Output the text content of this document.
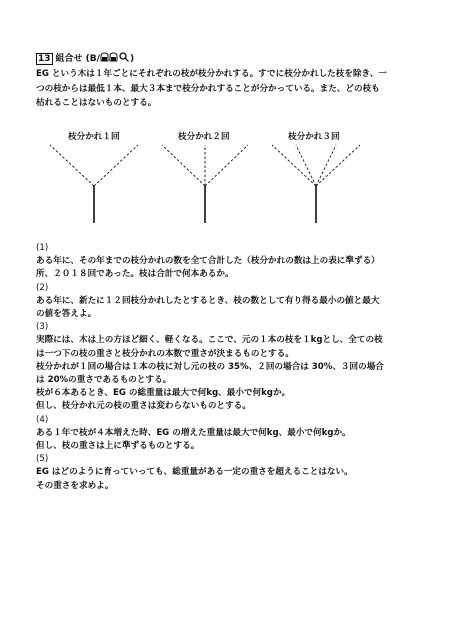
13 組合せ (B/	)

EG という木は１年ごとにそれぞれの枝が枝分かれする。すでに枝分かれした枝を除き、一

つの枝からは最低１本、最大３本まで枝分かれすることが分かっている。また、どの枝も

枯れることはないものとする。

枝分かれ１回	枝分かれ２回	枝分かれ３回

(1)

ある年に、その年までの枝分かれの数を全て合計した（枝分かれの数は上の表に準ずる）

所、２０１８回であった。枝は合計で何本あるか。

(2)

ある年に、新たに１２回枝分かれしたとするとき、枝の数として有り得る最小の値と最大

の値を答えよ。

(3)

実際には、木は上の方ほど細く、軽くなる。ここで、元の１本の枝を１kgとし、全ての枝

は一つ下の枝の重さと枝分かれの本数で重さが決まるものとする。

枝分かれが１回の場合は１本の枝に対し元の枝の 35%、２回の場合は 30%、３回の場合

は 20%の重さであるものとする。

枝が６本あるとき、EG の総重量は最大で何kg、最小で何kgか。

但し、枝分かれ元の枝の重さは変わらないものとする。

(4)

ある１年で枝が４本増えた時、EG の増えた重量は最大で何kg、最小で何kgか。

但し、枝の重さは上に準ずるものとする。

(5)

EG はどのように育っていっても、総重量がある一定の重さを超えることはない。

その重さを求めよ。
